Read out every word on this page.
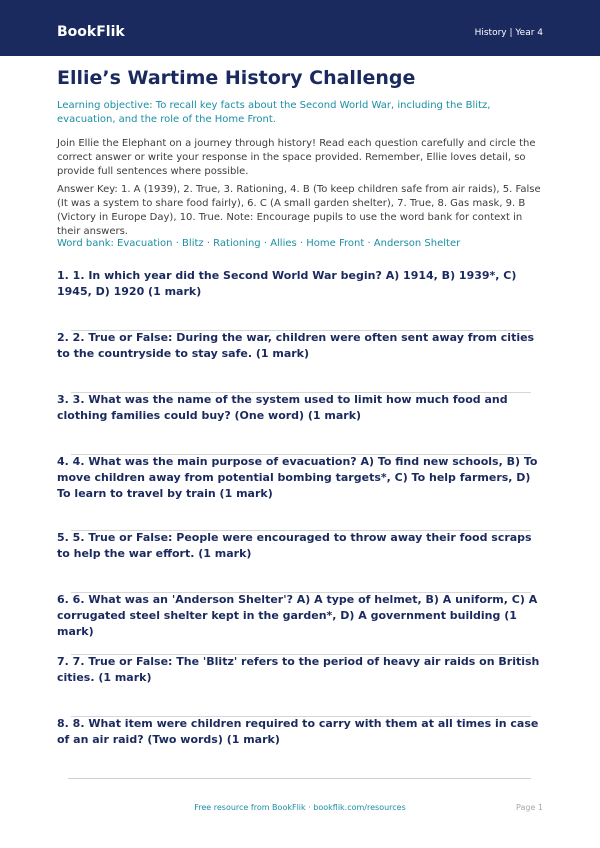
BookFlik	History | Year 4
Ellie’s Wartime History Challenge

Learning objective: To recall key facts about the Second World War, including the Blitz, evacuation, and the role of the Home Front.

Join Ellie the Elephant on a journey through history! Read each question carefully and circle the correct answer or write your response in the space provided. Remember, Ellie loves detail, so provide full sentences where possible.

Answer Key: 1. A (1939), 2. True, 3. Rationing, 4. B (To keep children safe from air raids), 5. False (It was a system to share food fairly), 6. C (A small garden shelter), 7. True, 8. Gas mask, 9. B (Victory in Europe Day), 10. True. Note: Encourage pupils to use the word bank for context in their answers.

Word bank: Evacuation · Blitz · Rationing · Allies · Home Front · Anderson Shelter

1. 1. In which year did the Second World War begin? A) 1914, B) 1939*, C) 1945, D) 1920 (1 mark)

2. 2. True or False: During the war, children were often sent away from cities to the countryside to stay safe. (1 mark)

3. 3. What was the name of the system used to limit how much food and clothing families could buy? (One word) (1 mark)

4. 4. What was the main purpose of evacuation? A) To find new schools, B) To move children away from potential bombing targets*, C) To help farmers, D) To learn to travel by train (1 mark)

5. 5. True or False: People were encouraged to throw away their food scraps to help the war effort. (1 mark)

6. 6. What was an 'Anderson Shelter'? A) A type of helmet, B) A uniform, C) A corrugated steel shelter kept in the garden*, D) A government building (1 mark)

7. 7. True or False: The 'Blitz' refers to the period of heavy air raids on British cities. (1 mark)

8. 8. What item were children required to carry with them at all times in case of an air raid? (Two words) (1 mark)

Free resource from BookFlik · bookflik.com/resources	Page 1
